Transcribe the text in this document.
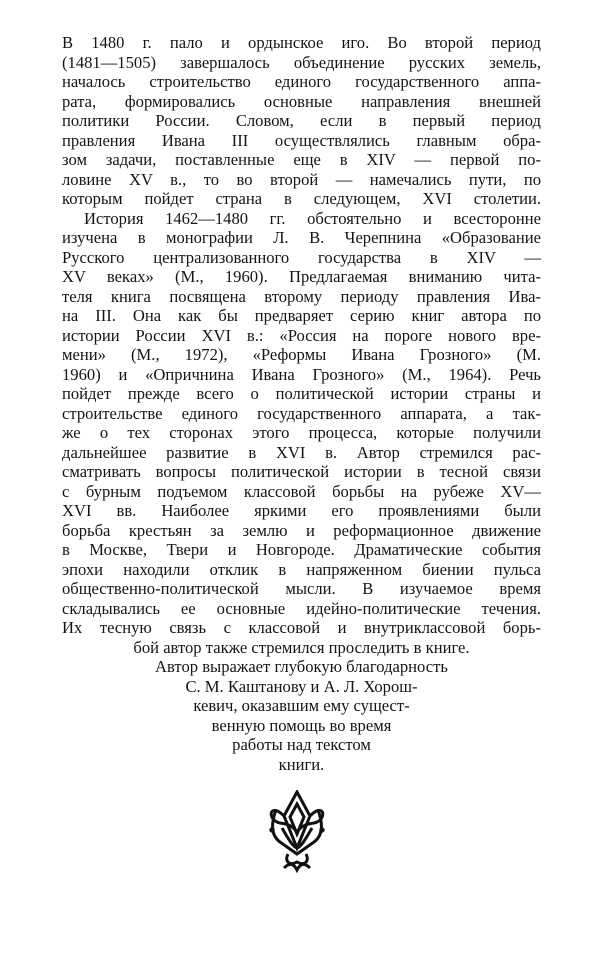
В 1480 г. пало и ордынское иго. Во второй период
(1481—1505) завершалось объединение русских земель,
началось строительство единого государственного аппа-
рата, формировались основные направления внешней
политики России. Словом, если в первый период
правления Ивана III осуществлялись главным обра-
зом задачи, поставленные еще в XIV — первой по-
ловине XV в., то во второй — намечались пути, по
которым пойдет страна в следующем, XVI столетии.
История 1462—1480 гг. обстоятельно и всесторонне
изучена в монографии Л. В. Черепнина «Образование
Русского централизованного государства в XIV —
XV веках» (М., 1960). Предлагаемая вниманию чита-
теля книга посвящена второму периоду правления Ива-
на III. Она как бы предваряет серию книг автора по
истории России XVI в.: «Россия на пороге нового вре-
мени» (М., 1972), «Реформы Ивана Грозного» (М.
1960) и «Опричнина Ивана Грозного» (М., 1964). Речь
пойдет прежде всего о политической истории страны и
строительстве единого государственного аппарата, а так-
же о тех сторонах этого процесса, которые получили
дальнейшее развитие в XVI в. Автор стремился рас-
сматривать вопросы политической истории в тесной связи
с бурным подъемом классовой борьбы на рубеже XV—
XVI вв. Наиболее яркими его проявлениями были
борьба крестьян за землю и реформационное движение
в Москве, Твери и Новгороде. Драматические события
эпохи находили отклик в напряженном биении пульса
общественно-политической мысли. В изучаемое время
складывались ее основные идейно-политические течения.
Их тесную связь с классовой и внутриклассовой борь-
бой автор также стремился проследить в книге.
Автор выражает глубокую благодарность
С. М. Каштанову и А. Л. Хорош-
кевич, оказавшим ему сущест-
венную помощь во время
работы над текстом
книги.
